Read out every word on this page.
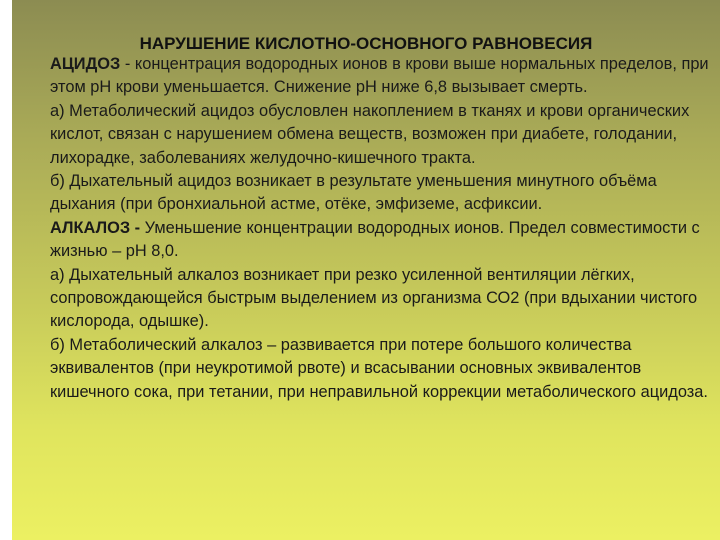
НАРУШЕНИЕ КИСЛОТНО-ОСНОВНОГО РАВНОВЕСИЯ

АЦИДОЗ - концентрация водородных ионов в крови выше нормальных пределов, при этом рН крови уменьшается. Снижение рН ниже 6,8 вызывает смерть.

а) Метаболический ацидоз обусловлен накоплением в тканях и крови органических кислот, связан с нарушением обмена веществ, возможен при диабете, голодании, лихорадке, заболеваниях желудочно-кишечного тракта.

б) Дыхательный ацидоз возникает в результате уменьшения минутного объёма дыхания (при бронхиальной астме, отёке, эмфиземе, асфиксии.

АЛКАЛОЗ - Уменьшение концентрации водородных ионов. Предел совместимости с жизнью – рН 8,0.

а) Дыхательный алкалоз возникает при резко усиленной вентиляции лёгких, сопровождающейся быстрым выделением из организма СО2 (при вдыхании чистого кислорода, одышке).

б) Метаболический алкалоз – развивается при потере большого количества эквивалентов (при неукротимой рвоте) и всасывании основных эквивалентов кишечного сока, при тетании, при неправильной коррекции метаболического ацидоза.
